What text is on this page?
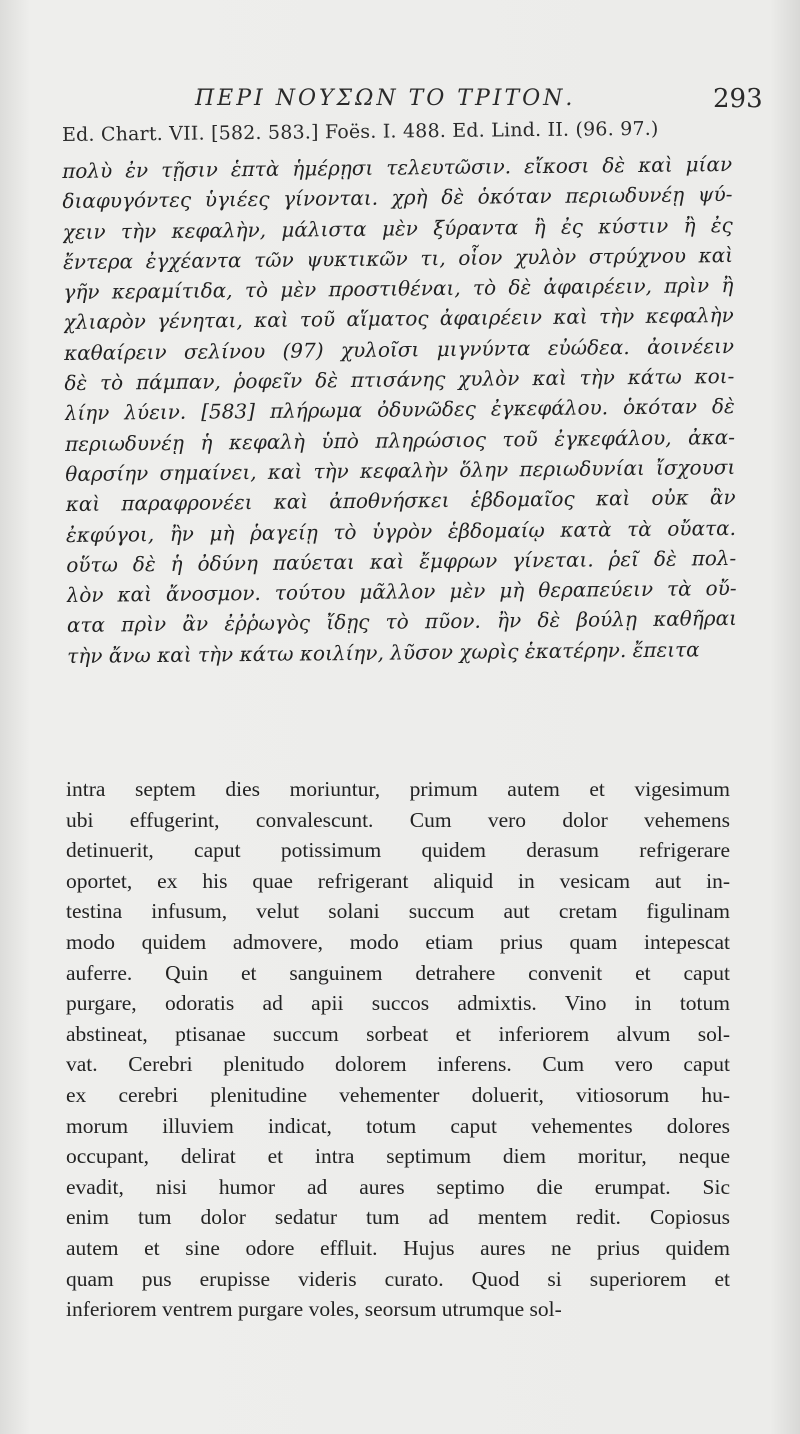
ΠΕΡΙ ΝΟΥΣΩΝ ΤΟ ΤΡΙΤΟΝ.	293
Ed. Chart. VII. [582. 583.] Foës. I. 488. Ed. Lind. II. (96. 97.)
πολὺ ἐν τῇσιν ἑπτὰ ἡμέρῃσι τελευτῶσιν. εἴκοσι δὲ καὶ μίαν
διαφυγόντες ὑγιέες γίνονται. χρὴ δὲ ὁκόταν περιωδυνέῃ ψύ-
χειν τὴν κεφαλὴν, μάλιστα μὲν ξύραντα ἢ ἐς κύστιν ἢ ἐς
ἔντερα ἐγχέαντα τῶν ψυκτικῶν τι, οἷον χυλὸν στρύχνου καὶ
γῆν κεραμίτιδα, τὸ μὲν προστιθέναι, τὸ δὲ ἀφαιρέειν, πρὶν ἢ
χλιαρὸν γένηται, καὶ τοῦ αἵματος ἀφαιρέειν καὶ τὴν κεφαλὴν
καθαίρειν σελίνου (97) χυλοῖσι μιγνύντα εὐώδεα. ἀοινέειν
δὲ τὸ πάμπαν, ῥοφεῖν δὲ πτισάνης χυλὸν καὶ τὴν κάτω κοι-
λίην λύειν. [583] πλήρωμα ὀδυνῶδες ἐγκεφάλου. ὁκόταν δὲ
περιωδυνέῃ ἡ κεφαλὴ ὑπὸ πληρώσιος τοῦ ἐγκεφάλου, ἀκα-
θαρσίην σημαίνει, καὶ τὴν κεφαλὴν ὅλην περιωδυνίαι ἴσχουσι
καὶ παραφρονέει καὶ ἀποθνήσκει ἑβδομαῖος καὶ οὐκ ἂν
ἐκφύγοι, ἢν μὴ ῥαγείῃ τὸ ὑγρὸν ἑβδομαίῳ κατὰ τὰ οὔατα.
οὕτω δὲ ἡ ὀδύνη παύεται καὶ ἔμφρων γίνεται. ῥεῖ δὲ πολ-
λὸν καὶ ἄνοσμον. τούτου μᾶλλον μὲν μὴ θεραπεύειν τὰ οὔ-
ατα πρὶν ἂν ἐῤῥωγὸς ἴδῃς τὸ πῦον. ἢν δὲ βούλῃ καθῆραι
τὴν ἄνω καὶ τὴν κάτω κοιλίην, λῦσον χωρὶς ἑκατέρην. ἔπειτα
intra septem dies moriuntur, primum autem et vigesimum
ubi effugerint, convalescunt. Cum vero dolor vehemens
detinuerit, caput potissimum quidem derasum refrigerare
oportet, ex his quae refrigerant aliquid in vesicam aut in-
testina infusum, velut solani succum aut cretam figulinam
modo quidem admovere, modo etiam prius quam intepescat
auferre. Quin et sanguinem detrahere convenit et caput
purgare, odoratis ad apii succos admixtis. Vino in totum
abstineat, ptisanae succum sorbeat et inferiorem alvum sol-
vat. Cerebri plenitudo dolorem inferens. Cum vero caput
ex cerebri plenitudine vehementer doluerit, vitiosorum hu-
morum illuviem indicat, totum caput vehementes dolores
occupant, delirat et intra septimum diem moritur, neque
evadit, nisi humor ad aures septimo die erumpat. Sic
enim tum dolor sedatur tum ad mentem redit. Copiosus
autem et sine odore effluit. Hujus aures ne prius quidem
quam pus erupisse videris curato. Quod si superiorem et
inferiorem ventrem purgare voles, seorsum utrumque sol-
